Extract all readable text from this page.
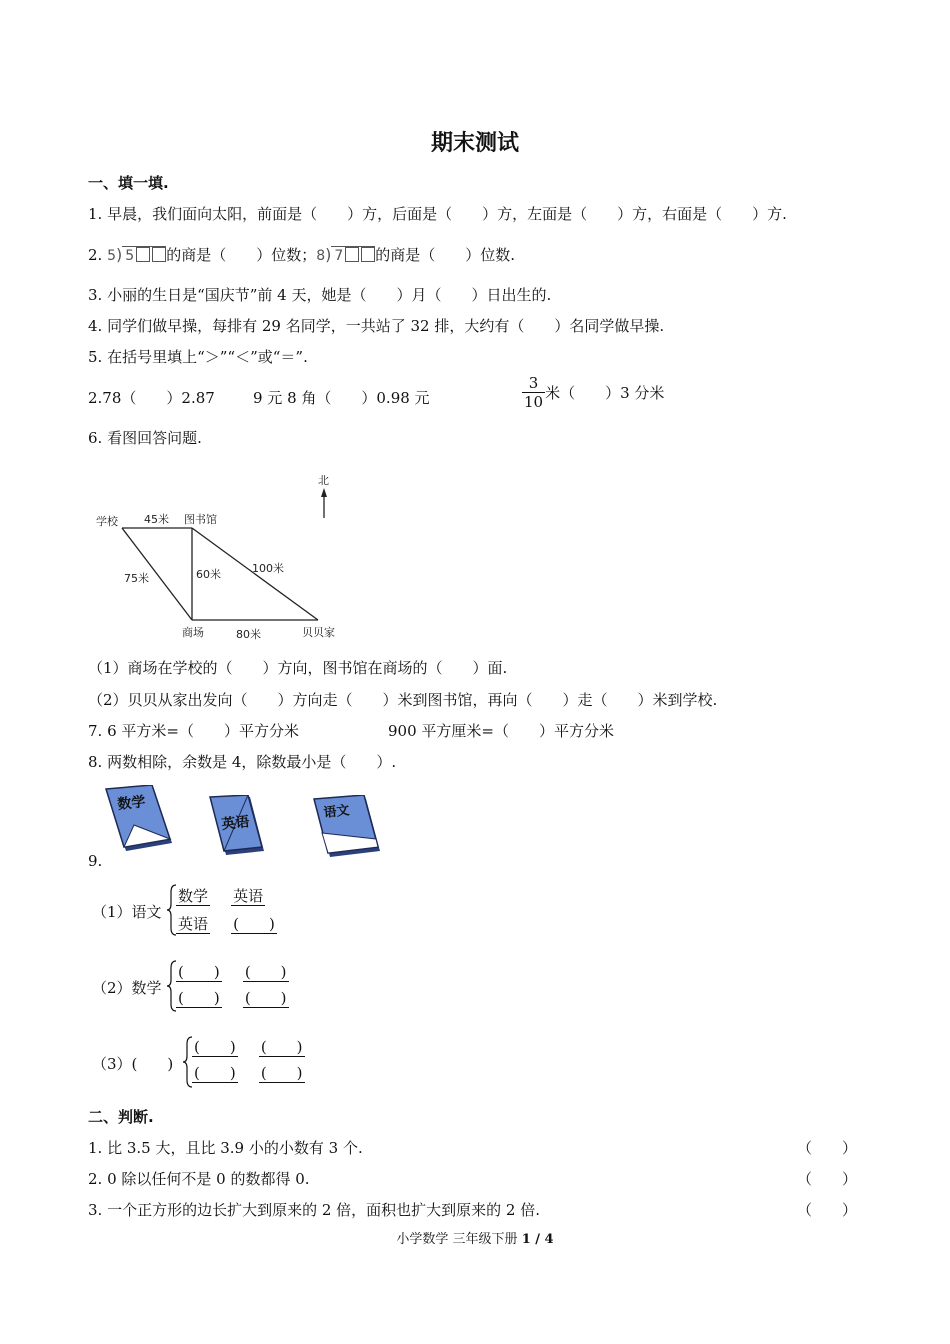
期末测试
一、填一填.
1. 早晨，我们面向太阳，前面是（　　）方，后面是（　　）方，左面是（　　）方，右面是（　　）方.
2. 5) 5 的商是（　　）位数；8) 7 的商是（　　）位数.
3. 小丽的生日是“国庆节”前 4 天，她是（　　）月（　　）日出生的.
4. 同学们做早操，每排有 29 名同学，一共站了 32 排，大约有（　　）名同学做早操.
5. 在括号里填上“＞”“＜”或“＝”.
2.78（　　）2.87	9 元 8 角（　　）0.98 元	$\frac{3}{10}$ 米（　　）3 分米
6. 看图回答问题.
北
学校 45米 图书馆
75米	60米	100米
商场	80米	贝贝家
（1）商场在学校的（　　）方向，图书馆在商场的（　　）面.
（2）贝贝从家出发向（　　）方向走（　　）米到图书馆，再向（　　）走（　　）米到学校.
7. 6 平方米=（　　）平方分米	900 平方厘米=（　　）平方分米
8. 两数相除，余数是 4，除数最小是（　　）.
数学
英语
语文
9.
（1）语文
数学 英语
英语 (　　)
（2）数学
(　　) (　　)
(　　) (　　)
（3）(　　)
(　　) (　　)
(　　) (　　)
二、判断.
1. 比 3.5 大，且比 3.9 小的小数有 3 个.	（　　）
2. 0 除以任何不是 0 的数都得 0.	（　　）
3. 一个正方形的边长扩大到原来的 2 倍，面积也扩大到原来的 2 倍.	（　　）
小学数学 三年级下册 1 / 4
